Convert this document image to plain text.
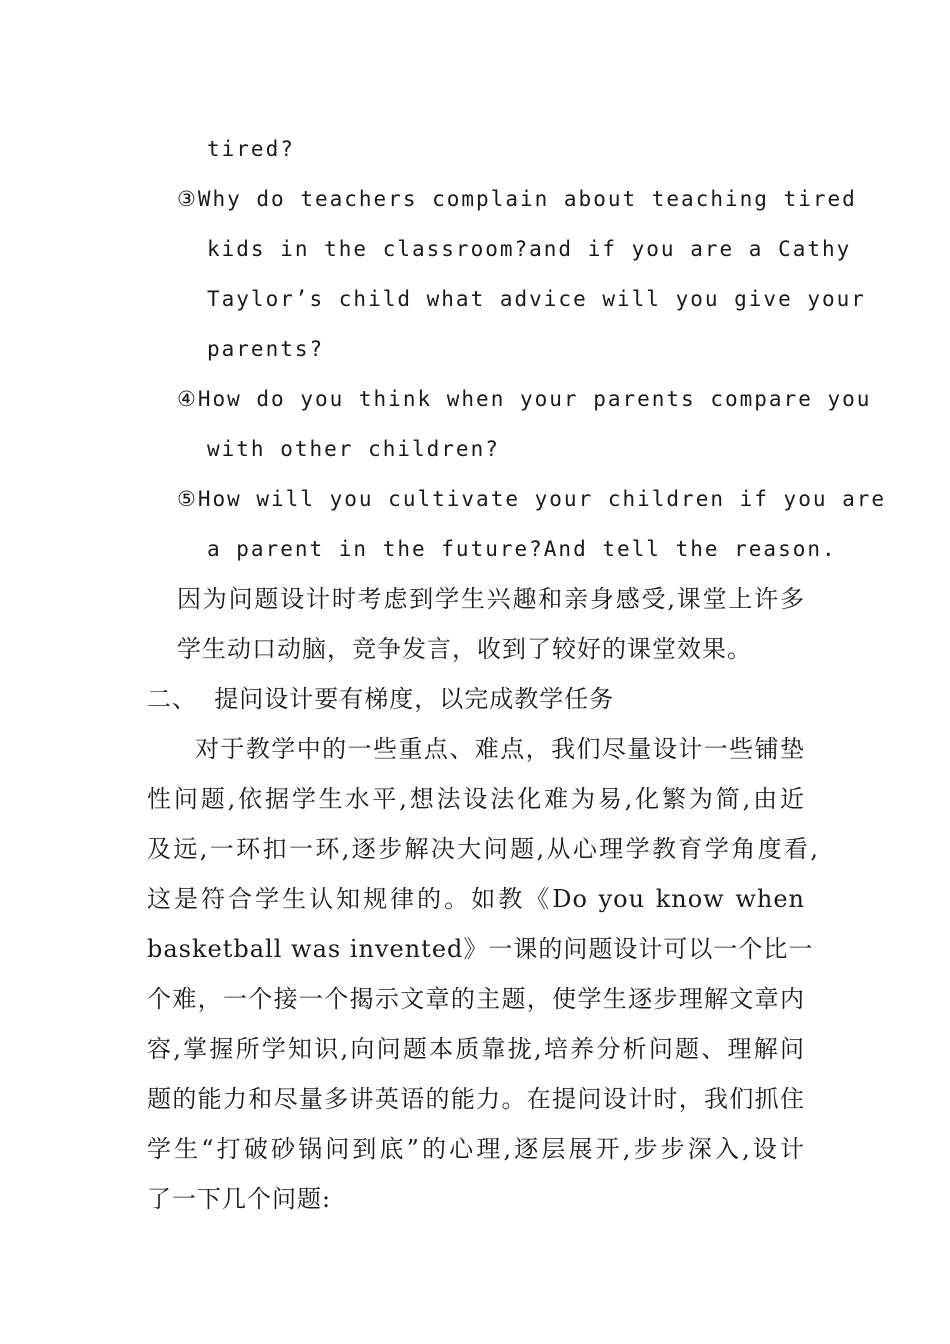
tired?
③Why do teachers complain about teaching tired
kids in the classroom?and if you are a Cathy
Taylor’s child what advice will you give your
parents?
④How do you think when your parents compare you
with other children?
⑤How will you cultivate your children if you are
a parent in the future?And tell the reason.
因为问题设计时考虑到学生兴趣和亲身感受,课堂上许多
学生动口动脑，竞争发言，收到了较好的课堂效果。
二、  提问设计要有梯度，以完成教学任务
对于教学中的一些重点、难点，我们尽量设计一些铺垫
性问题,依据学生水平,想法设法化难为易,化繁为简,由近
及远,一环扣一环,逐步解决大问题,从心理学教育学角度看,
这是符合学生认知规律的。如教《Do you know when
basketball was invented》一课的问题设计可以一个比一
个难，一个接一个揭示文章的主题，使学生逐步理解文章内
容,掌握所学知识,向问题本质靠拢,培养分析问题、理解问
题的能力和尽量多讲英语的能力。在提问设计时，我们抓住
学生“打破砂锅问到底”的心理,逐层展开,步步深入,设计
了一下几个问题:
